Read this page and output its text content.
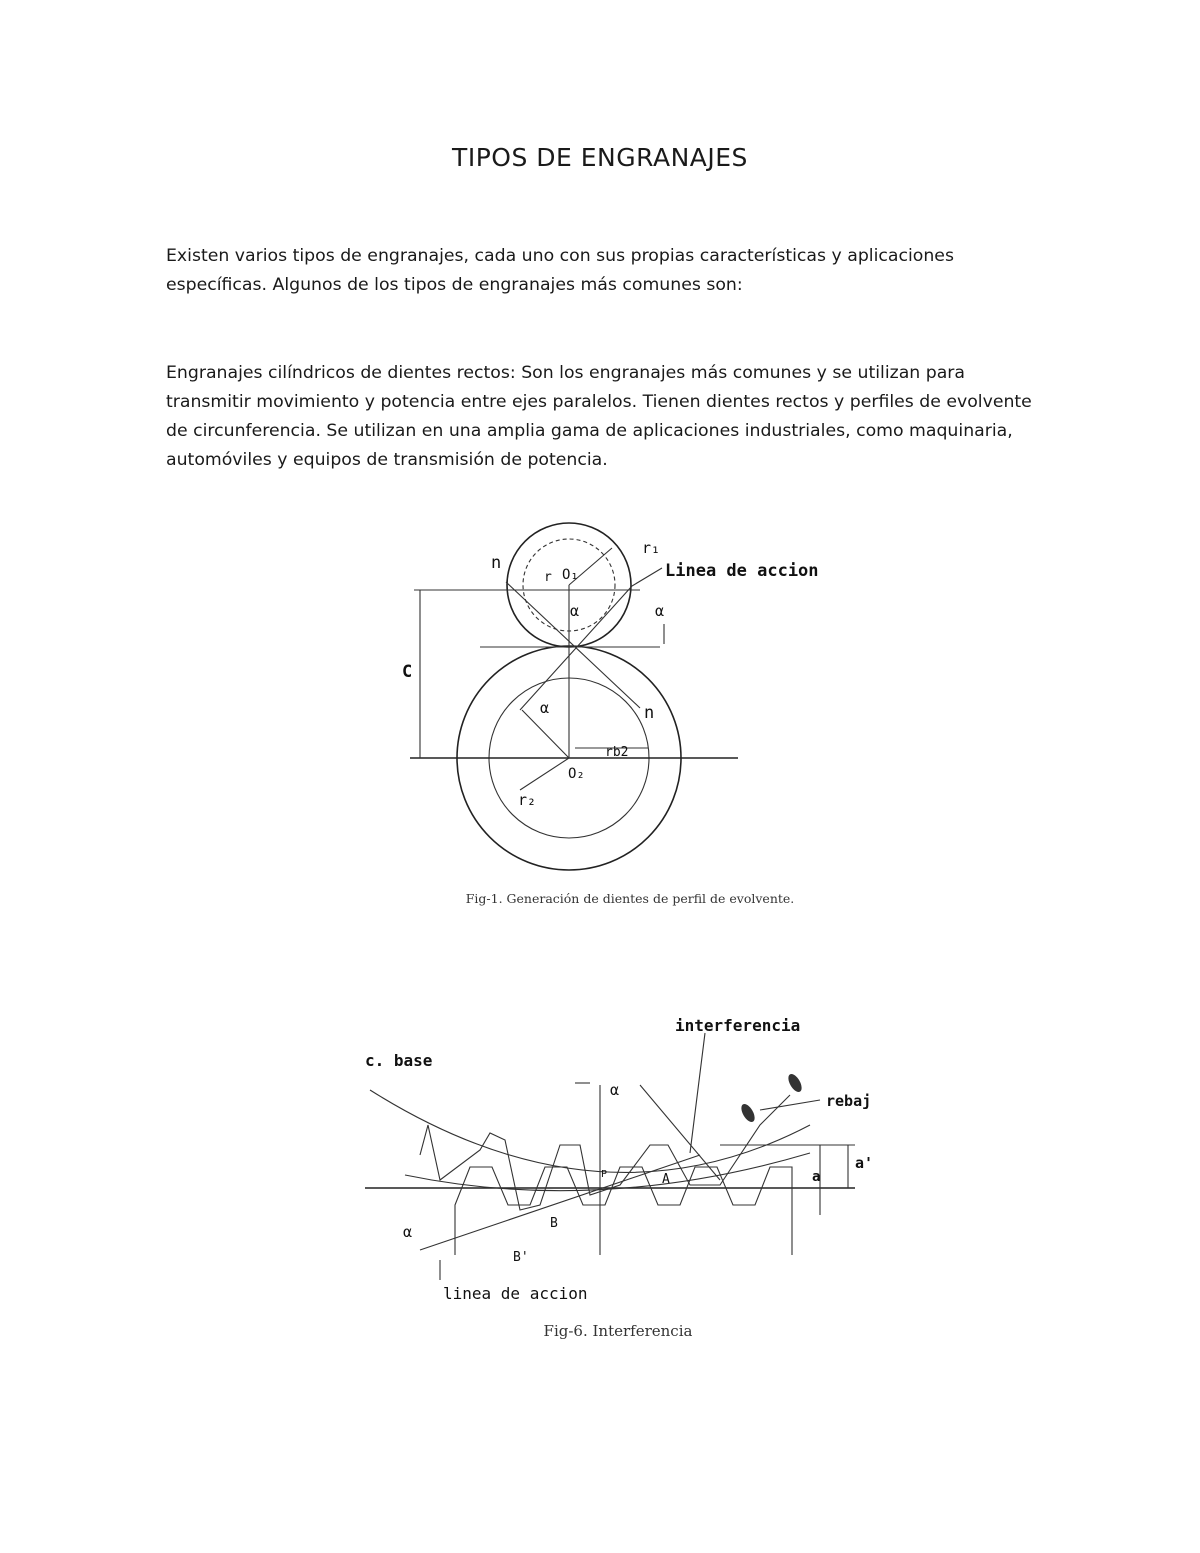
TIPOS DE ENGRANAJES

Existen varios tipos de engranajes, cada uno con sus propias características y aplicaciones específicas. Algunos de los tipos de engranajes más comunes son:

Engranajes cilíndricos de dientes rectos: Son los engranajes más comunes y se utilizan para transmitir movimiento y potencia entre ejes paralelos. Tienen dientes rectos y perfiles de evolvente de circunferencia. Se utilizan en una amplia gama de aplicaciones industriales, como maquinaria, automóviles y equipos de transmisión de potencia.

n
r₁
r O₁	Linea de accion
α	α
C
α	n
rb2
O₂
r₂
Fig-1. Generación de dientes de perfil de evolvente.
interferencia
c. base
α
rebaj
P	A	a
a'
B
α
B'
linea de accion
Fig-6. Interferencia
